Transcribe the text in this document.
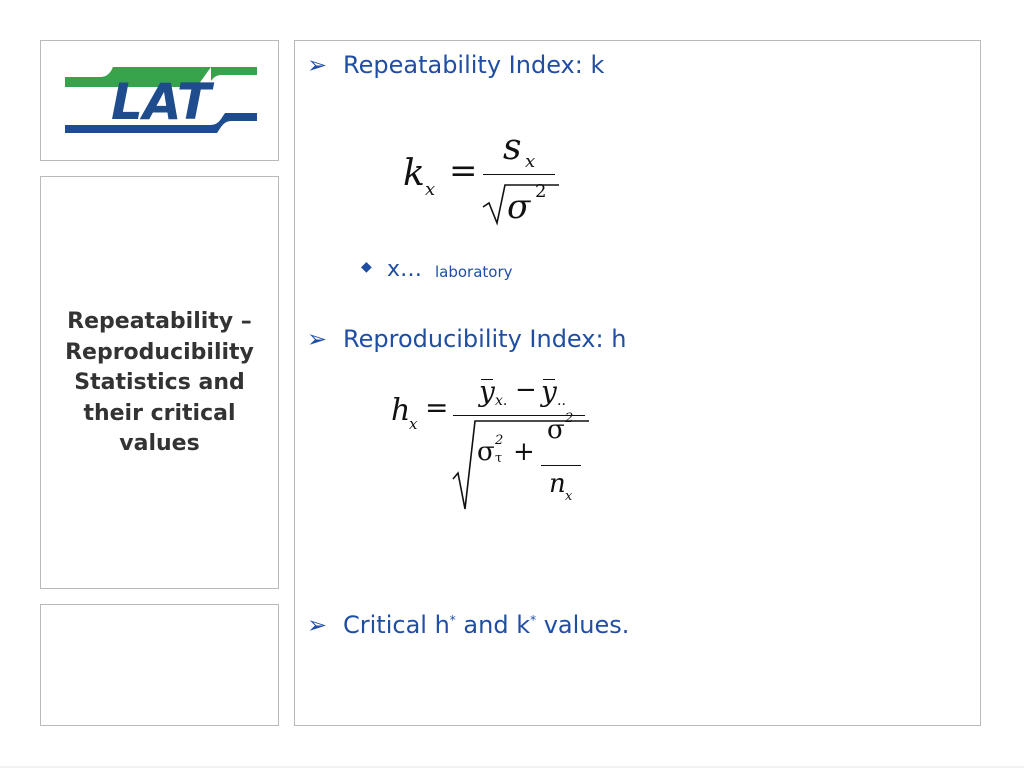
LAT
Repeatability –
Reproducibility
Statistics and
their critical
values
➢ Repeatability Index: k
k x =
s x
σ 2
◆ x… laboratory
➢ Reproducibility Index: h
h
x = y x. − y ..
σ 2
τ +
σ 2
n x
➢ Critical h* and k* values.
